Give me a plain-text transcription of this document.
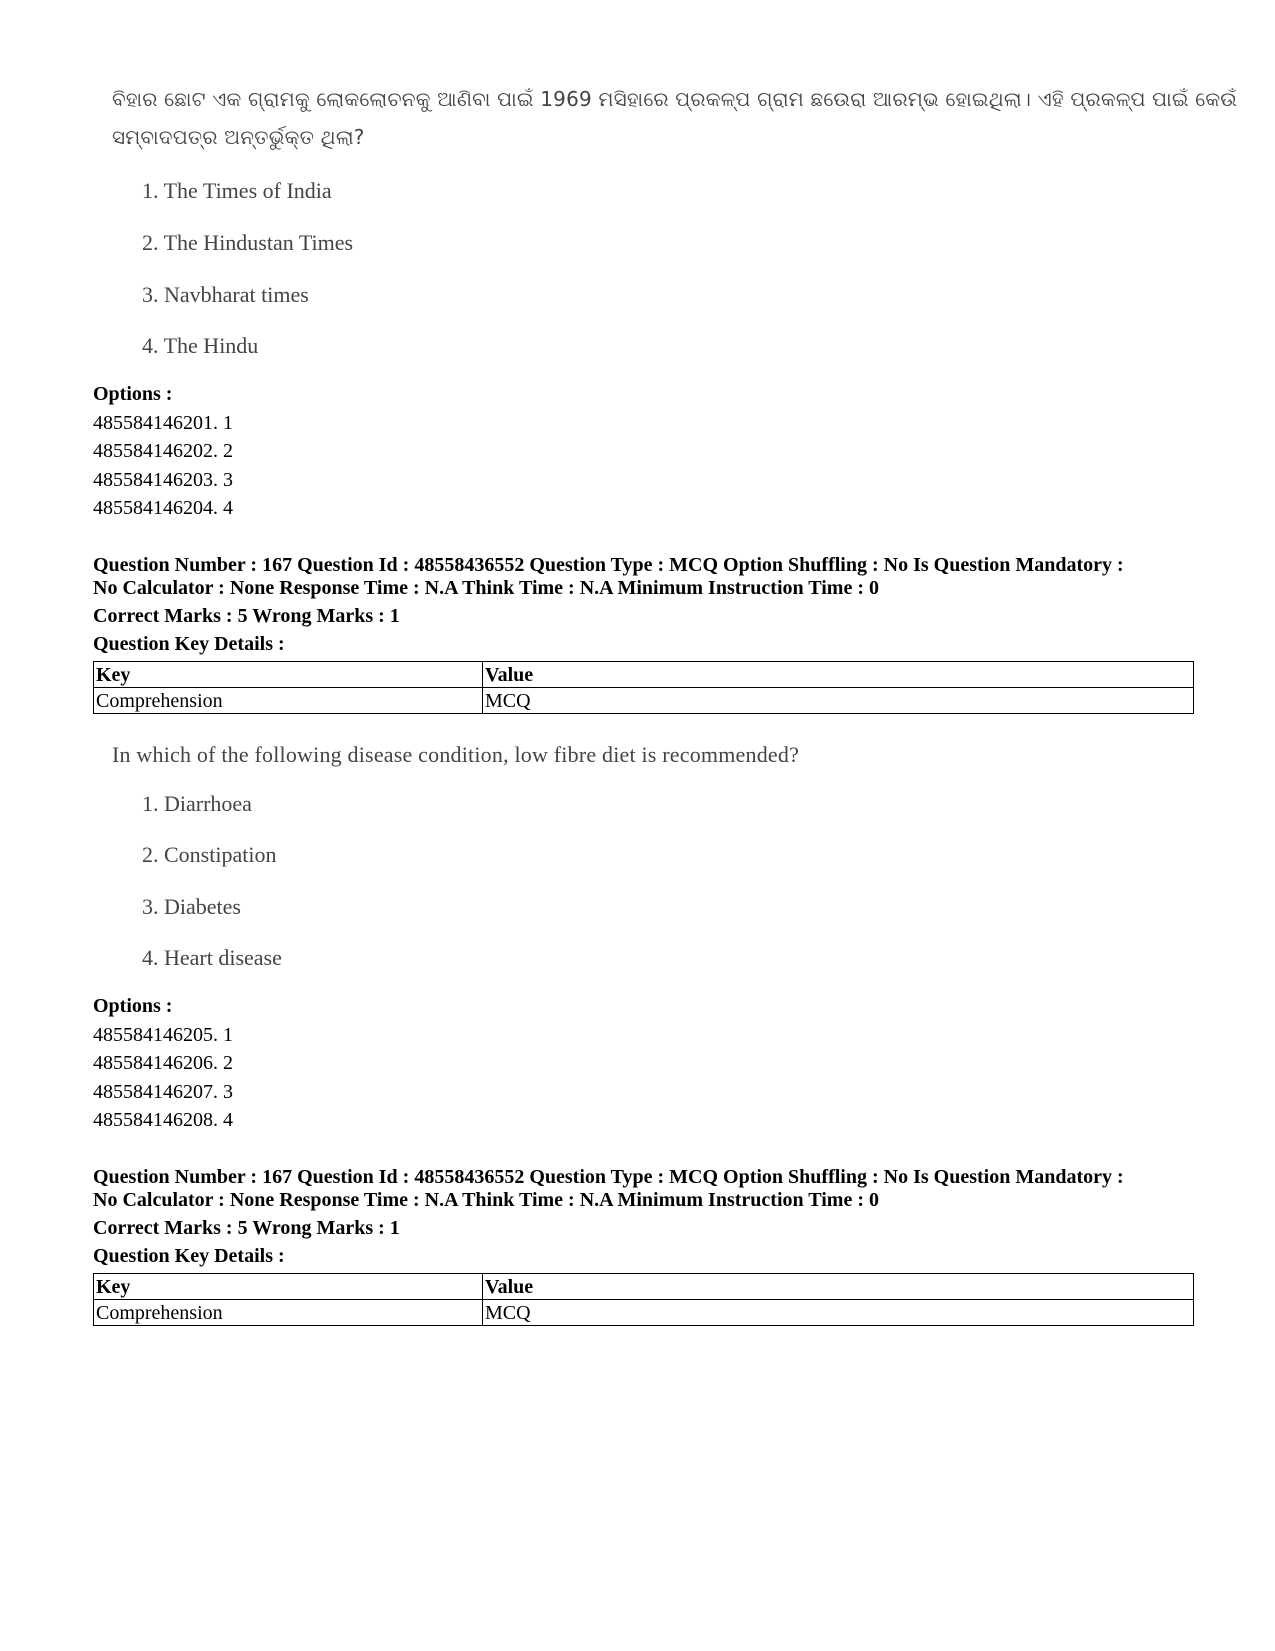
ବିହାର ଛୋଟ ଏକ ଗ୍ରାମକୁ ଲୋକଲୋଚନକୁ ଆଣିବା ପାଇଁ 1969 ମସିହାରେ ପ୍ରକଳ୍ପ ଗ୍ରାମ ଛଉେରା ଆରମ୍ଭ ହୋଇଥିଲା। ଏହି ପ୍ରକଳ୍ପ ପାଇଁ କେଉଁ

ସମ୍ବାଦପତ୍ର ଅନ୍ତର୍ଭୁକ୍ତ ଥିଲା?

1. The Times of India

2. The Hindustan Times

3. Navbharat times

4. The Hindu

Options :
485584146201. 1
485584146202. 2
485584146203. 3
485584146204. 4

Question Number : 167 Question Id : 48558436552 Question Type : MCQ Option Shuffling : No Is Question Mandatory :

No Calculator : None Response Time : N.A Think Time : N.A Minimum Instruction Time : 0

Correct Marks : 5 Wrong Marks : 1

Question Key Details :

Key	Value
Comprehension	MCQ

In which of the following disease condition, low fibre diet is recommended?

1. Diarrhoea

2. Constipation

3. Diabetes

4. Heart disease

Options :
485584146205. 1
485584146206. 2
485584146207. 3
485584146208. 4

Question Number : 167 Question Id : 48558436552 Question Type : MCQ Option Shuffling : No Is Question Mandatory :

No Calculator : None Response Time : N.A Think Time : N.A Minimum Instruction Time : 0

Correct Marks : 5 Wrong Marks : 1

Question Key Details :

Key	Value
Comprehension	MCQ
